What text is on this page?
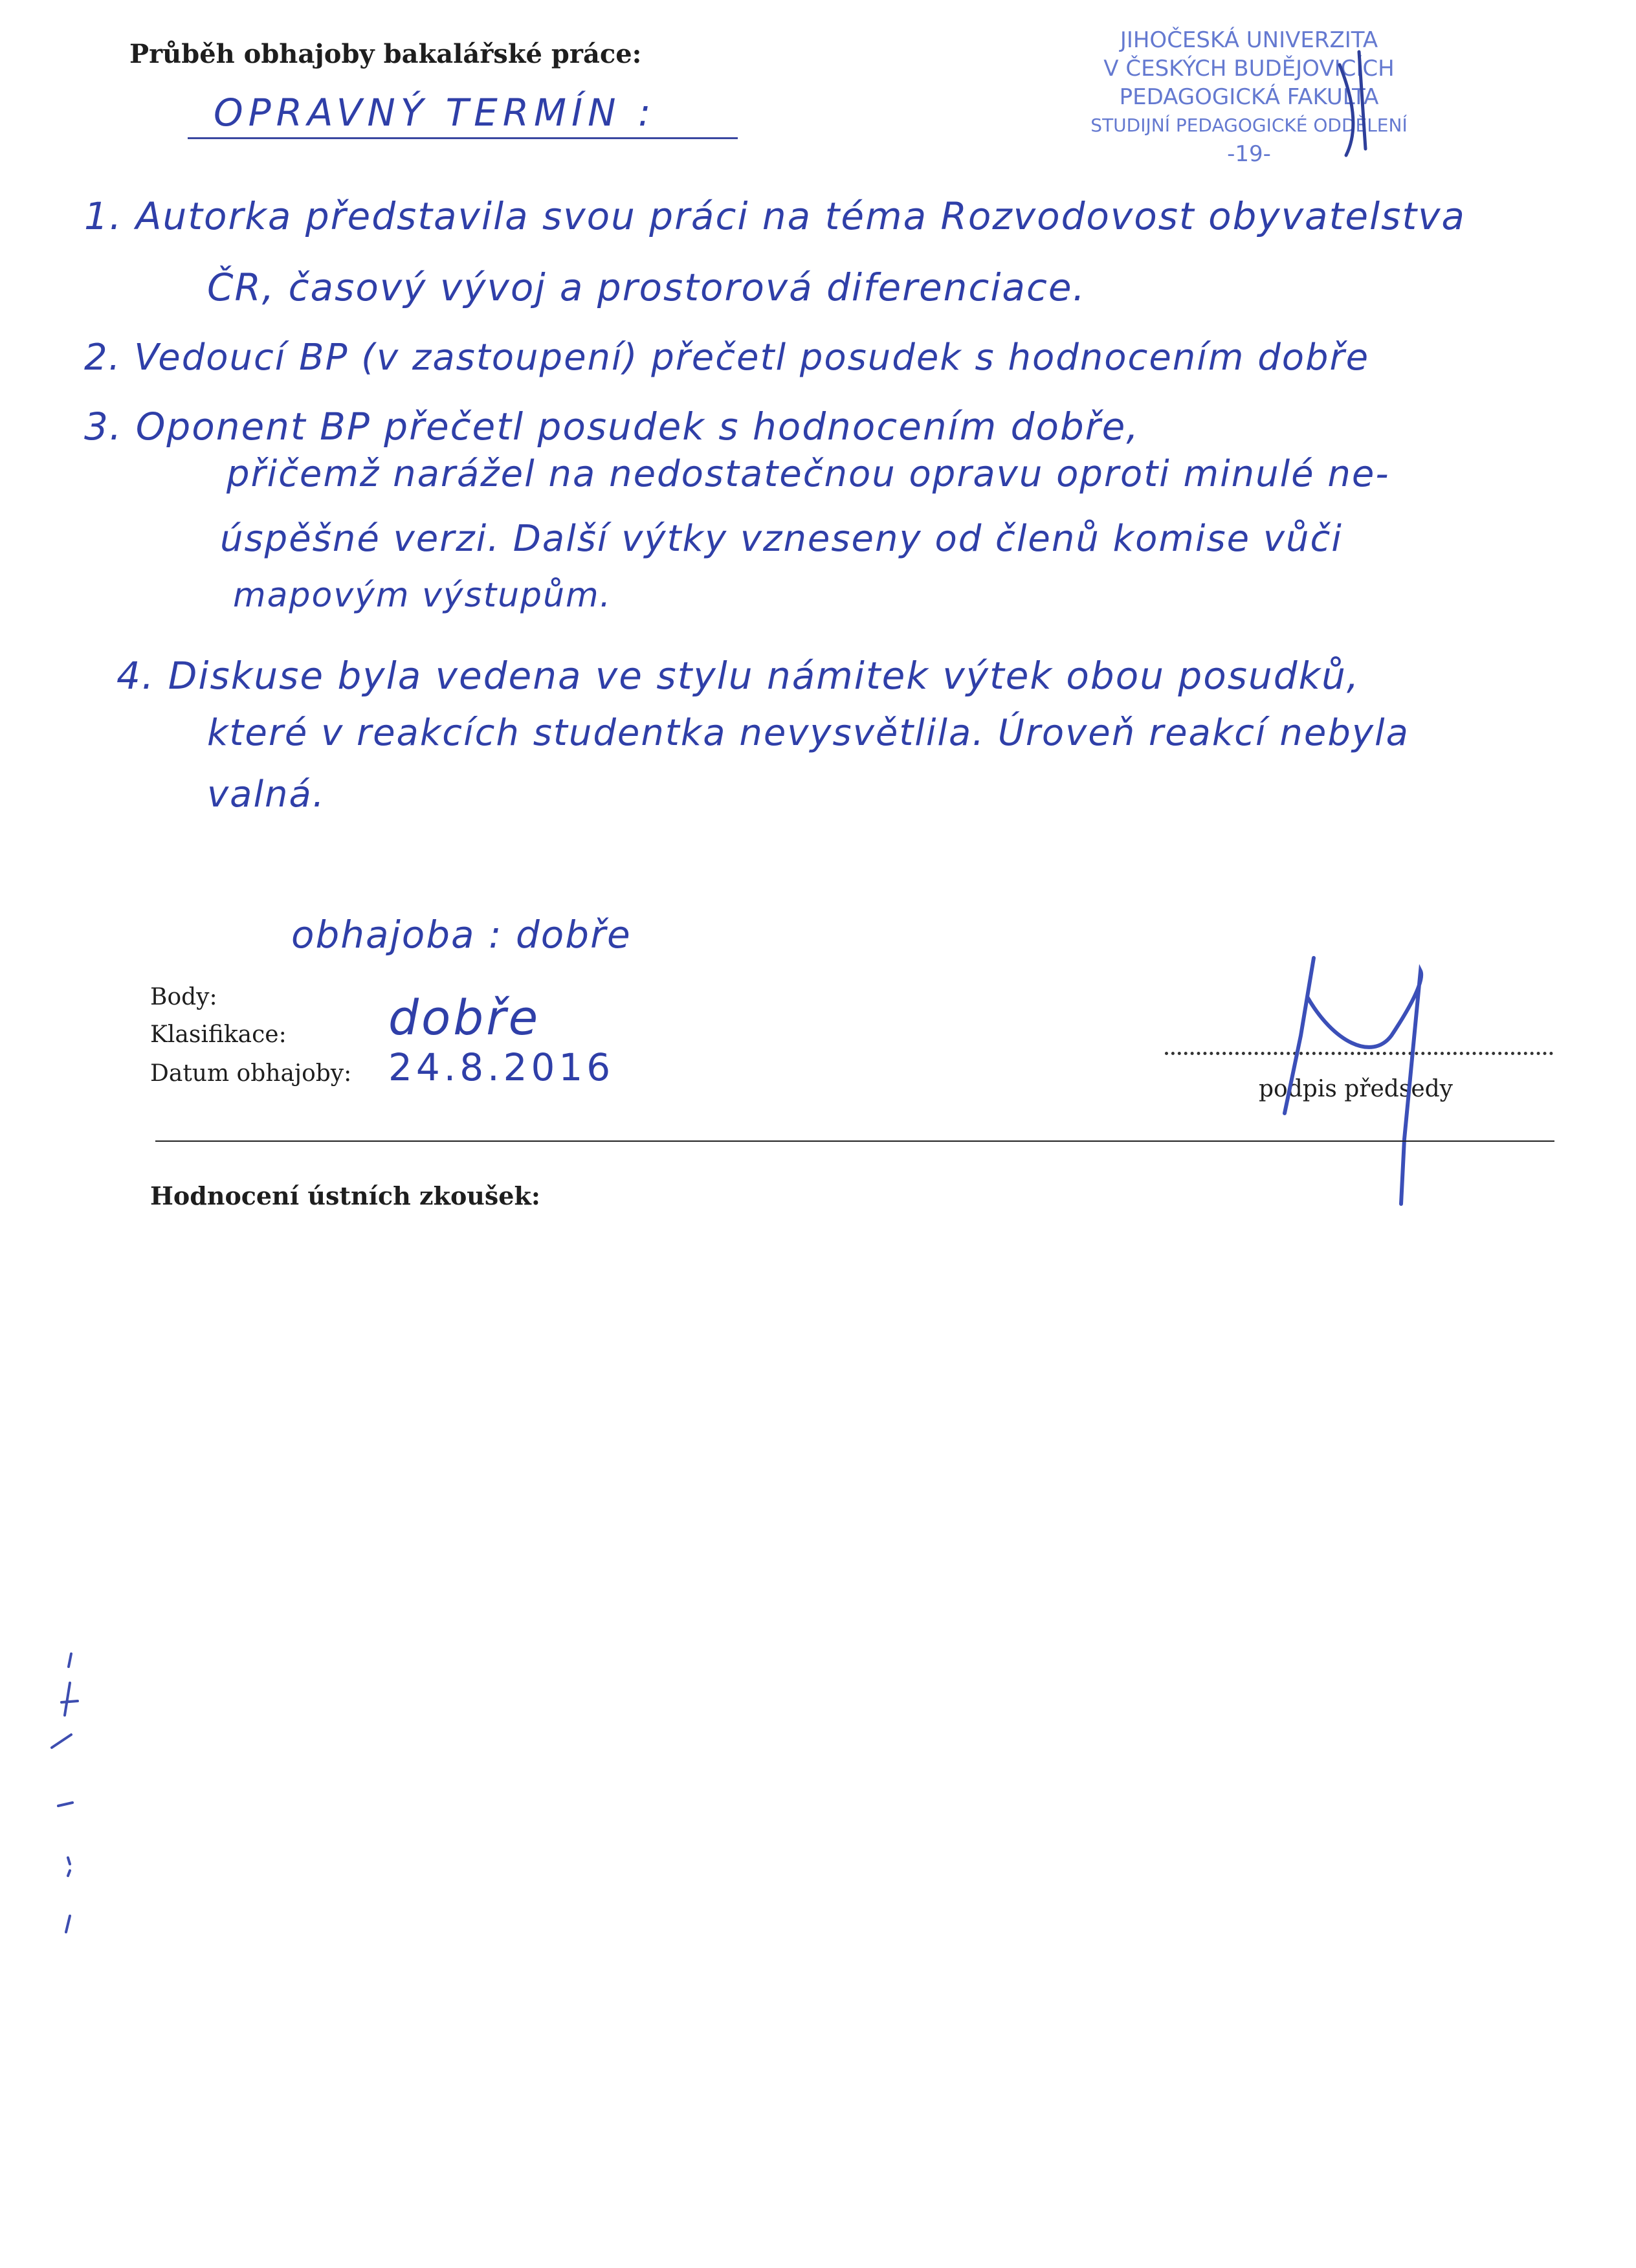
Průběh obhajoby bakalářské práce:
OPRAVNÝ TERMÍN :
JIHOČESKÁ UNIVERZITA
V ČESKÝCH BUDĚJOVICÍCH
PEDAGOGICKÁ FAKULTA
STUDIJNÍ PEDAGOGICKÉ ODDĚLENÍ
-19-
1. Autorka představila svou práci na téma Rozvodovost obyvatelstva
ČR, časový vývoj a prostorová diferenciace.
2. Vedoucí BP (v zastoupení) přečetl posudek s hodnocením dobře
3. Oponent BP přečetl posudek s hodnocením dobře,
přičemž narážel na nedostatečnou opravu oproti minulé ne-
úspěšné verzi. Další výtky vzneseny od členů komise vůči
mapovým výstupům.
4. Diskuse byla vedena ve stylu námitek výtek obou posudků,
které v reakcích studentka nevysvětlila. Úroveň reakcí nebyla
valná.
obhajoba : dobře
Body:
Klasifikace: dobře
Datum obhajoby: 24.8.2016	podpis předsedy
Hodnocení ústních zkoušek:
